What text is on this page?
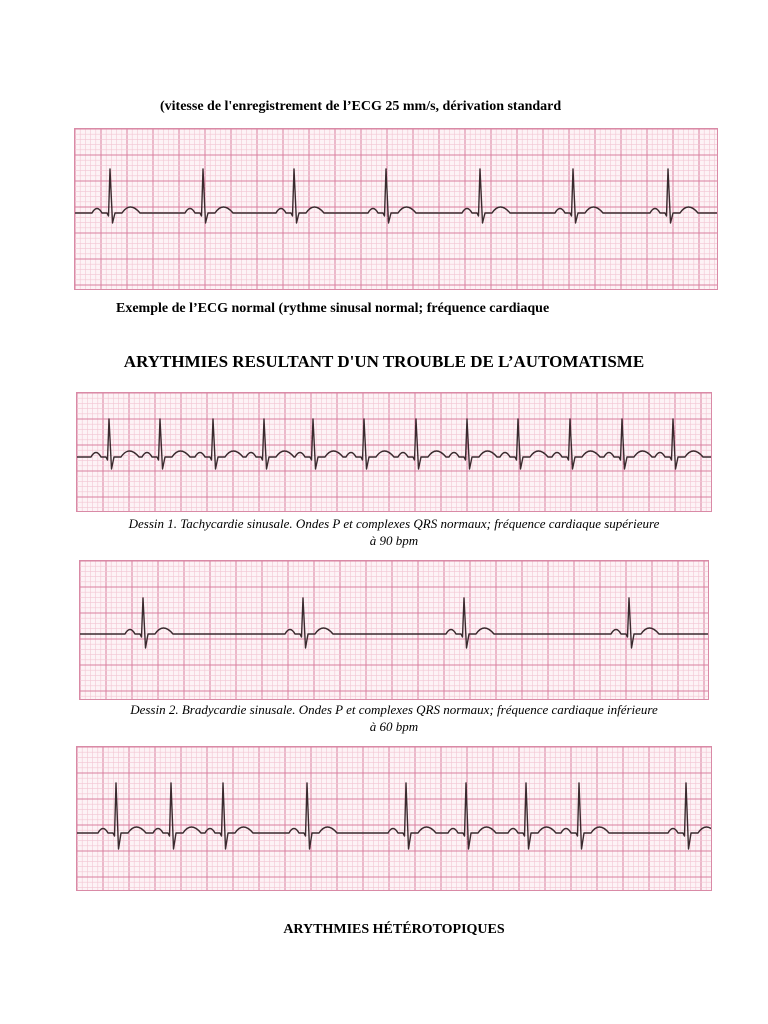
(vitesse de l'enregistrement de l’ECG 25 mm/s, dérivation standard

Exemple de l’ECG normal (rythme sinusal normal; fréquence cardiaque

ARYTHMIES RESULTANT D'UN TROUBLE DE L’AUTOMATISME

Dessin 1. Tachycardie sinusale. Ondes P et complexes QRS normaux; fréquence cardiaque supérieure

à 90 bpm

Dessin 2. Bradycardie sinusale. Ondes P et complexes QRS normaux; fréquence cardiaque inférieure

à 60 bpm

ARYTHMIES HÉTÉROTOPIQUES
